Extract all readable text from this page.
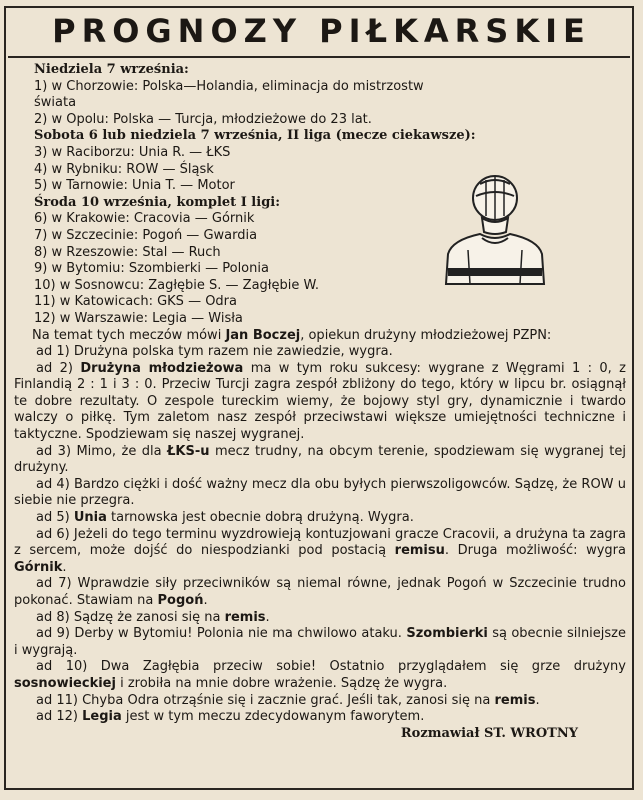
PROGNOZY PIŁKARSKIE

Niedziela 7 września:

1) w Chorzowie: Polska—Holandia, eliminacja do mistrzostw

świata

2) w Opolu: Polska — Turcja, młodzieżowe do 23 lat.

Sobota 6 lub niedziela 7 września, II liga (mecze ciekawsze):

3) w Raciborzu: Unia R. — ŁKS

4) w Rybniku: ROW — Śląsk

5) w Tarnowie: Unia T. — Motor

Środa 10 września, komplet I ligi:

6) w Krakowie: Cracovia — Górnik

7) w Szczecinie: Pogoń — Gwardia

8) w Rzeszowie: Stal — Ruch

9) w Bytomiu: Szombierki — Polonia

10) w Sosnowcu: Zagłębie S. — Zagłębie W.

11) w Katowicach: GKS — Odra

12) w Warszawie: Legia — Wisła

Na temat tych meczów mówi Jan Boczej, opiekun drużyny młodzieżowej PZPN:

ad 1) Drużyna polska tym razem nie zawiedzie, wygra.

ad 2) Drużyna młodzieżowa ma w tym roku sukcesy: wygrane z Węgrami 1 : 0, z Finlandią 2 : 1 i 3 : 0. Przeciw Turcji zagra zespół zbliżony do tego, który w lipcu br. osiągnął te dobre rezultaty. O zespole tureckim wiemy, że bojowy styl gry, dynamicznie i twardo walczy o piłkę. Tym zaletom nasz zespół przeciwstawi większe umiejętności techniczne i taktyczne. Spodziewam się naszej wygranej.

ad 3) Mimo, że dla ŁKS-u mecz trudny, na obcym terenie, spodziewam się wygranej tej drużyny.

ad 4) Bardzo ciężki i dość ważny mecz dla obu byłych pierwszoligowców. Sądzę, że ROW u siebie nie przegra.

ad 5) Unia tarnowska jest obecnie dobrą drużyną. Wygra.

ad 6) Jeżeli do tego terminu wyzdrowieją kontuzjowani gracze Cracovii, a drużyna ta zagra z sercem, może dojść do niespodzianki pod postacią remisu. Druga możliwość: wygra Górnik.

ad 7) Wprawdzie siły przeciwników są niemal równe, jednak Pogoń w Szczecinie trudno pokonać. Stawiam na Pogoń.

ad 8) Sądzę że zanosi się na remis.

ad 9) Derby w Bytomiu! Polonia nie ma chwilowo ataku. Szombierki są obecnie silniejsze i wygrają.

ad 10) Dwa Zagłębia przeciw sobie! Ostatnio przyglądałem się grze drużyny sosnowieckiej i zrobiła na mnie dobre wrażenie. Sądzę że wygra.

ad 11) Chyba Odra otrząśnie się i zacznie grać. Jeśli tak, zanosi się na remis.

ad 12) Legia jest w tym meczu zdecydowanym faworytem.

Rozmawiał ST. WROTNY
